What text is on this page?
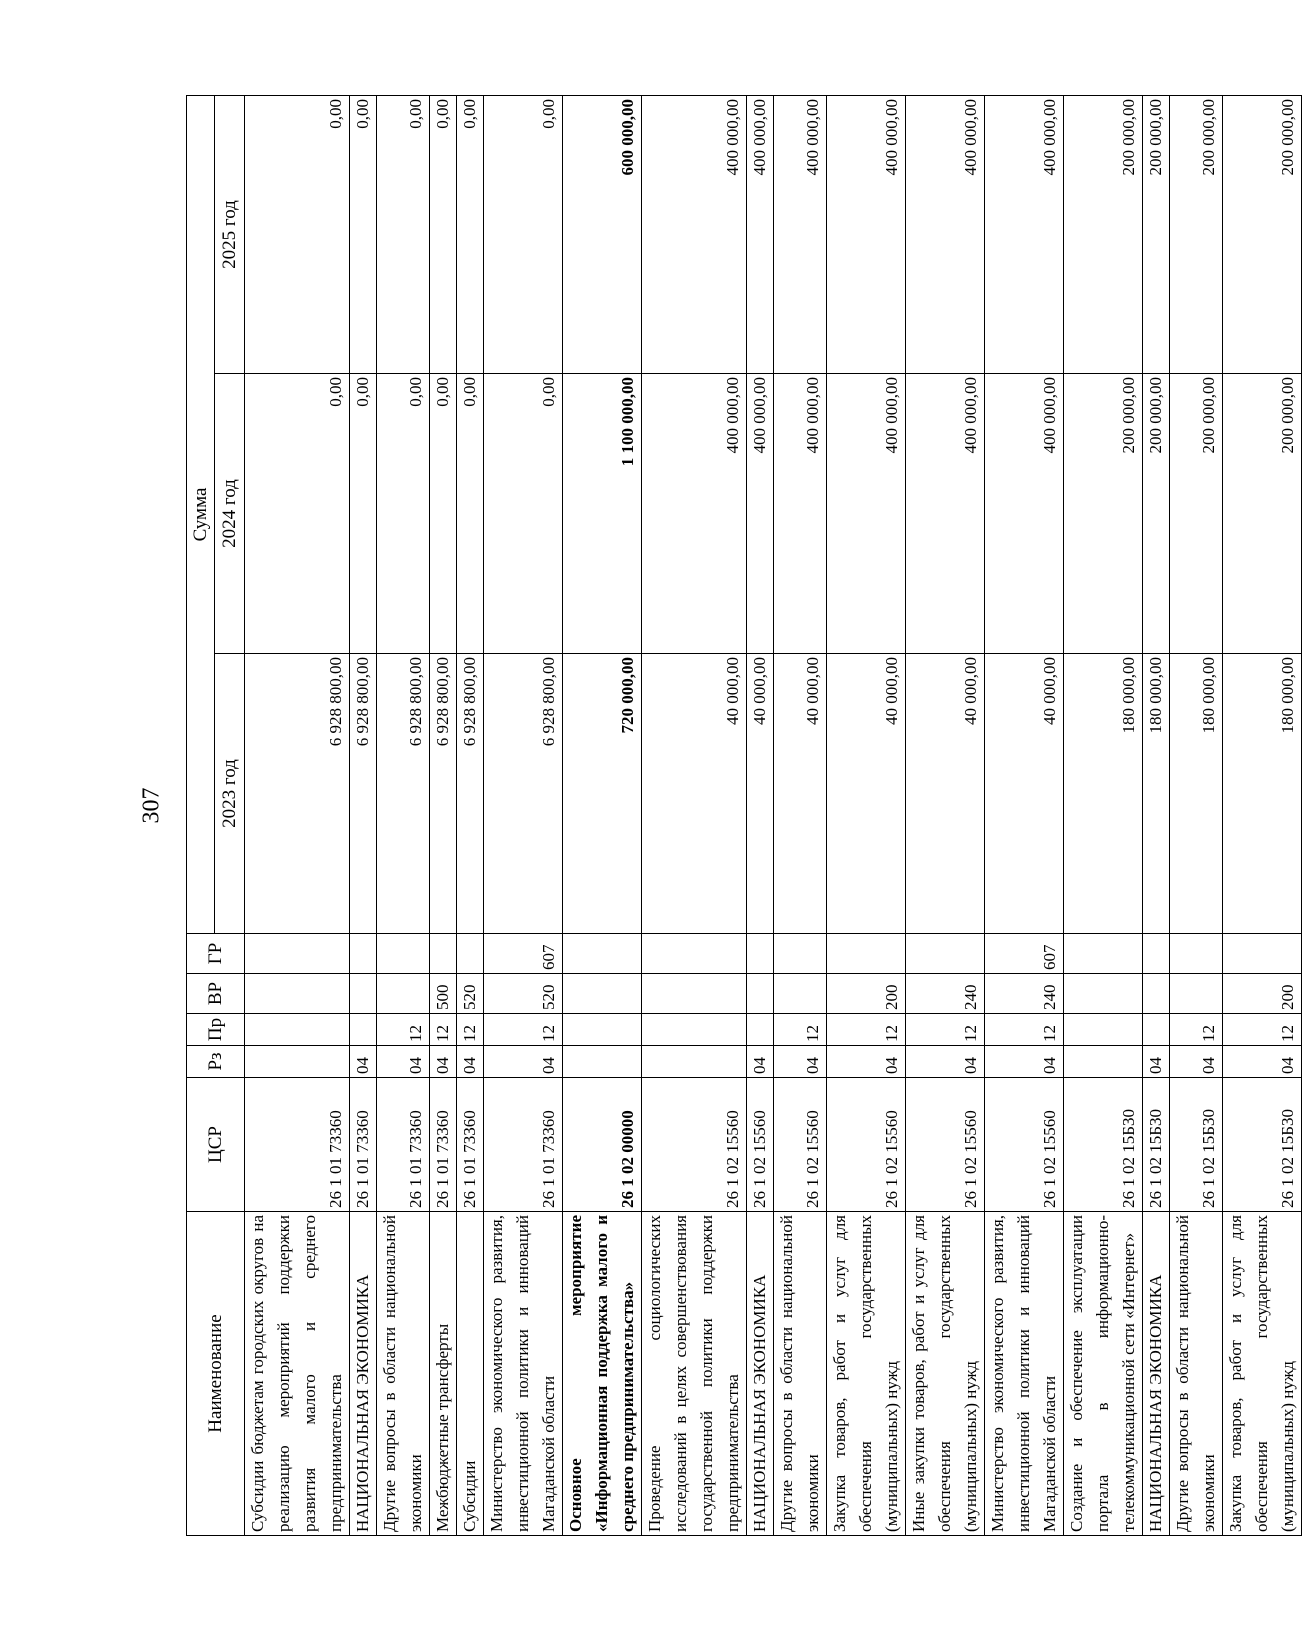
307
Наименование	ЦСР	Рз	Пр	ВР	ГР	Сумма		
						2023 год	2024 год	2025 год
Субсидии бюджетам городских округов на реализацию мероприятий поддержки развития малого и среднего предпринимательства	26 1 01 73360					6 928 800,00	0,00	0,00
НАЦИОНАЛЬНАЯ ЭКОНОМИКА	26 1 01 73360	04				6 928 800,00	0,00	0,00
Другие вопросы в области национальной экономики	26 1 01 73360	04	12			6 928 800,00	0,00	0,00
Межбюджетные трансферты	26 1 01 73360	04	12	500		6 928 800,00	0,00	0,00
Субсидии	26 1 01 73360	04	12	520		6 928 800,00	0,00	0,00
Министерство экономического развития, инвестиционной политики и инноваций Магаданской области	26 1 01 73360	04	12	520	607	6 928 800,00	0,00	0,00
Основное мероприятие «Информационная поддержка малого и среднего предпринимательства»	26 1 02 00000					720 000,00	1 100 000,00	600 000,00
Проведение социологических исследований в целях совершенствования государственной политики поддержки предпринимательства	26 1 02 15560					40 000,00	400 000,00	400 000,00
НАЦИОНАЛЬНАЯ ЭКОНОМИКА	26 1 02 15560	04				40 000,00	400 000,00	400 000,00
Другие вопросы в области национальной экономики	26 1 02 15560	04	12			40 000,00	400 000,00	400 000,00
Закупка товаров, работ и услуг для обеспечения государственных (муниципальных) нужд	26 1 02 15560	04	12	200		40 000,00	400 000,00	400 000,00
Иные закупки товаров, работ и услуг для обеспечения государственных (муниципальных) нужд	26 1 02 15560	04	12	240		40 000,00	400 000,00	400 000,00
Министерство экономического развития, инвестиционной политики и инноваций Магаданской области	26 1 02 15560	04	12	240	607	40 000,00	400 000,00	400 000,00
Создание и обеспечение эксплуатации портала в информационно-телекоммуникационной сети «Интернет»	26 1 02 15Б30					180 000,00	200 000,00	200 000,00
НАЦИОНАЛЬНАЯ ЭКОНОМИКА	26 1 02 15Б30	04				180 000,00	200 000,00	200 000,00
Другие вопросы в области национальной экономики	26 1 02 15Б30	04	12			180 000,00	200 000,00	200 000,00
Закупка товаров, работ и услуг для обеспечения государственных (муниципальных) нужд	26 1 02 15Б30	04	12	200		180 000,00	200 000,00	200 000,00
